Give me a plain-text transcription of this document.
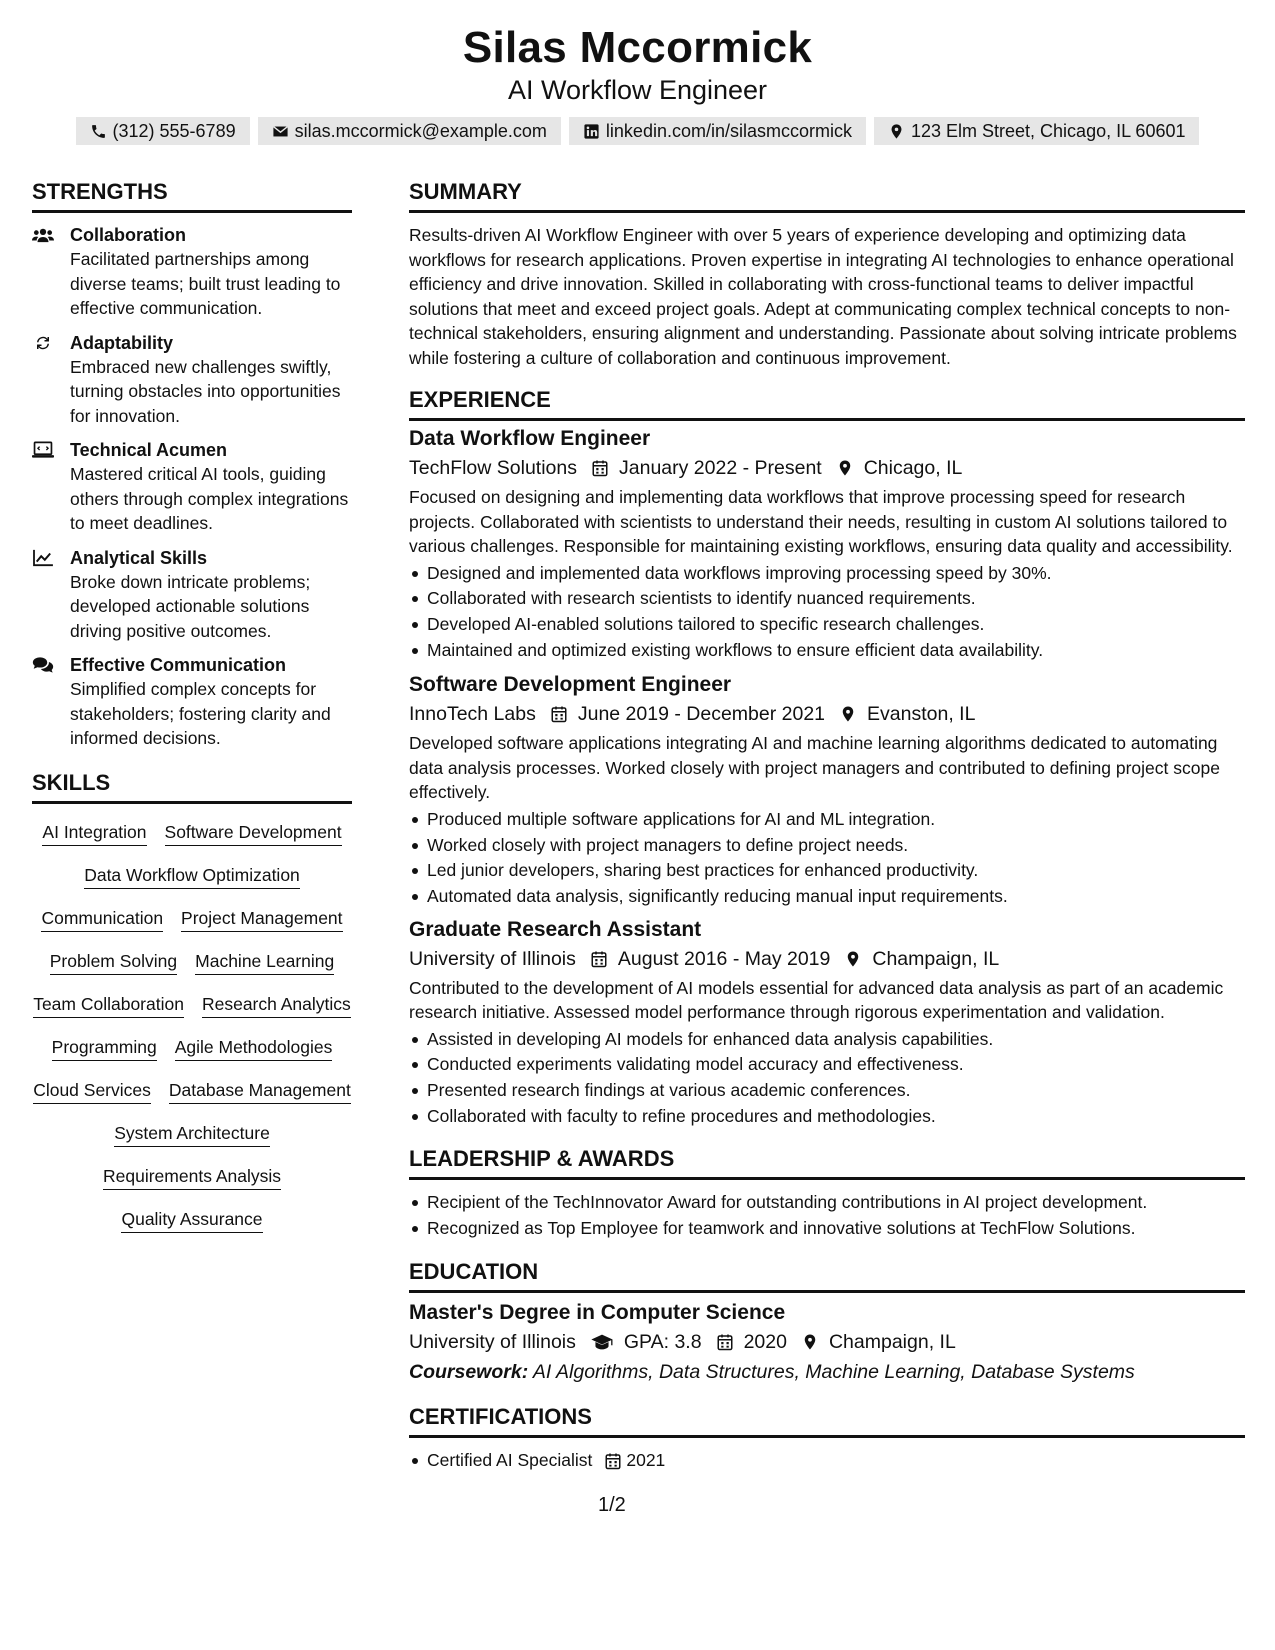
Silas Mccormick
AI Workflow Engineer
(312) 555-6789	silas.mccormick@example.com	linkedin.com/in/silasmccormick	123 Elm Street, Chicago, IL 60601
STRENGTHS
Collaboration
Facilitated partnerships among diverse teams; built trust leading to effective communication.
Adaptability
Embraced new challenges swiftly, turning obstacles into opportunities for innovation.
Technical Acumen
Mastered critical AI tools, guiding others through complex integrations to meet deadlines.
Analytical Skills
Broke down intricate problems; developed actionable solutions driving positive outcomes.
Effective Communication
Simplified complex concepts for stakeholders; fostering clarity and informed decisions.
SKILLS
AI Integration Software Development
Data Workflow Optimization
Communication Project Management
Problem Solving Machine Learning
Team Collaboration Research Analytics
Programming Agile Methodologies
Cloud Services Database Management
System Architecture
Requirements Analysis
Quality Assurance
SUMMARY
Results-driven AI Workflow Engineer with over 5 years of experience developing and optimizing data workflows for research applications. Proven expertise in integrating AI technologies to enhance operational efficiency and drive innovation. Skilled in collaborating with cross-functional teams to deliver impactful solutions that meet and exceed project goals. Adept at communicating complex technical concepts to non-technical stakeholders, ensuring alignment and understanding. Passionate about solving intricate problems while fostering a culture of collaboration and continuous improvement.
EXPERIENCE
Data Workflow Engineer
TechFlow Solutions January 2022 - Present Chicago, IL
Focused on designing and implementing data workflows that improve processing speed for research projects. Collaborated with scientists to understand their needs, resulting in custom AI solutions tailored to various challenges. Responsible for maintaining existing workflows, ensuring data quality and accessibility.
Designed and implemented data workflows improving processing speed by 30%.
Collaborated with research scientists to identify nuanced requirements.
Developed AI-enabled solutions tailored to specific research challenges.
Maintained and optimized existing workflows to ensure efficient data availability.
Software Development Engineer
InnoTech Labs June 2019 - December 2021 Evanston, IL
Developed software applications integrating AI and machine learning algorithms dedicated to automating data analysis processes. Worked closely with project managers and contributed to defining project scope effectively.
Produced multiple software applications for AI and ML integration.
Worked closely with project managers to define project needs.
Led junior developers, sharing best practices for enhanced productivity.
Automated data analysis, significantly reducing manual input requirements.
Graduate Research Assistant
University of Illinois August 2016 - May 2019 Champaign, IL
Contributed to the development of AI models essential for advanced data analysis as part of an academic research initiative. Assessed model performance through rigorous experimentation and validation.
Assisted in developing AI models for enhanced data analysis capabilities.
Conducted experiments validating model accuracy and effectiveness.
Presented research findings at various academic conferences.
Collaborated with faculty to refine procedures and methodologies.
LEADERSHIP & AWARDS
Recipient of the TechInnovator Award for outstanding contributions in AI project development.
Recognized as Top Employee for teamwork and innovative solutions at TechFlow Solutions.
EDUCATION
Master's Degree in Computer Science
University of Illinois GPA: 3.8 2020 Champaign, IL
Coursework: AI Algorithms, Data Structures, Machine Learning, Database Systems
CERTIFICATIONS
Certified AI Specialist 2021
1/2
